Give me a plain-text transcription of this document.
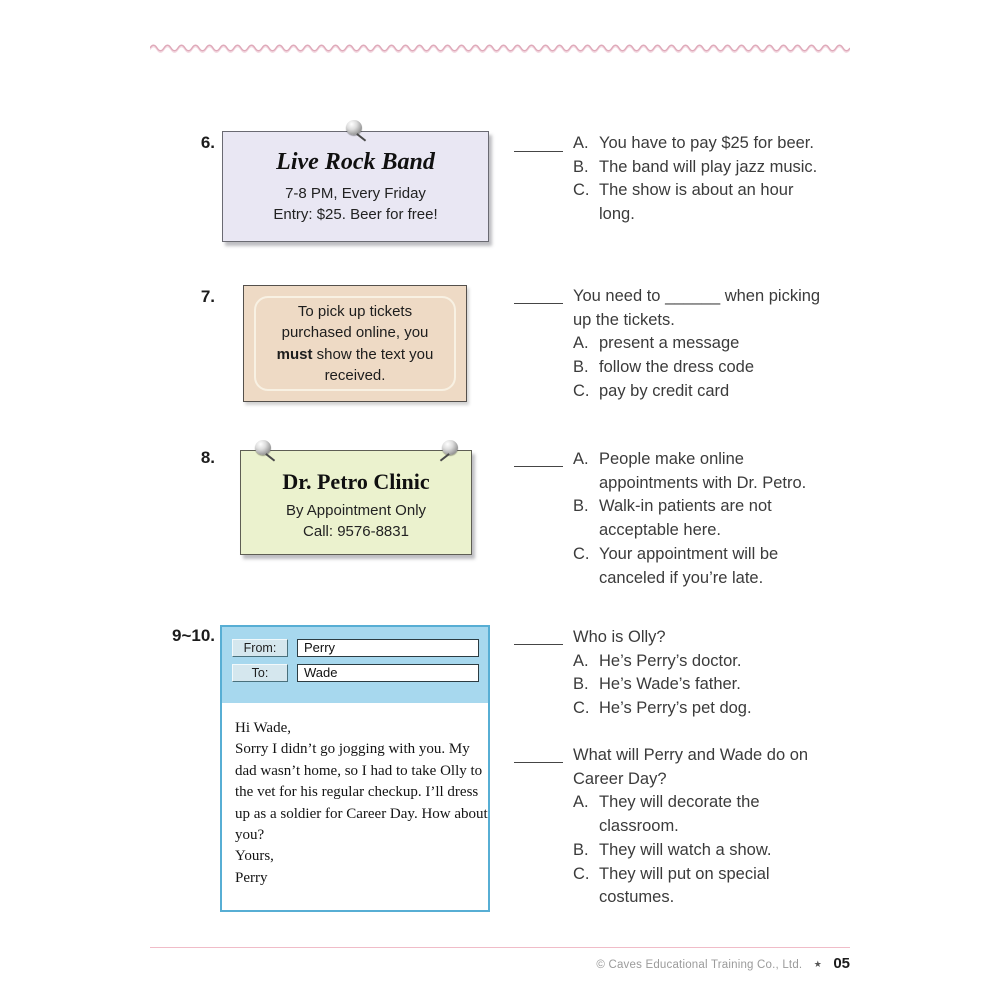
6.
Live Rock Band
7-8 PM, Every Friday
Entry: $25. Beer for free!
A. You have to pay $25 for beer.
B. The band will play jazz music.
C. The show is about an hour long.
7.
To pick up tickets
purchased online, you
must show the text you
received.
You need to ______ when picking up the tickets.
A. present a message
B. follow the dress code
C. pay by credit card
8.
Dr. Petro Clinic
By Appointment Only
Call: 9576-8831
A. People make online appointments with Dr. Petro.
B. Walk-in patients are not acceptable here.
C. Your appointment will be canceled if you’re late.
9~10.
From:	Perry
To:	Wade
Hi Wade,
Sorry I didn’t go jogging with you. My
dad wasn’t home, so I had to take Olly to
the vet for his regular checkup. I’ll dress
up as a soldier for Career Day. How about
you?
Yours,
Perry
Who is Olly?
A. He’s Perry’s doctor.
B. He’s Wade’s father.
C. He’s Perry’s pet dog.
What will Perry and Wade do on Career Day?
A. They will decorate the classroom.
B. They will watch a show.
C. They will put on special costumes.
© Caves Educational Training Co., Ltd. ★ 05
